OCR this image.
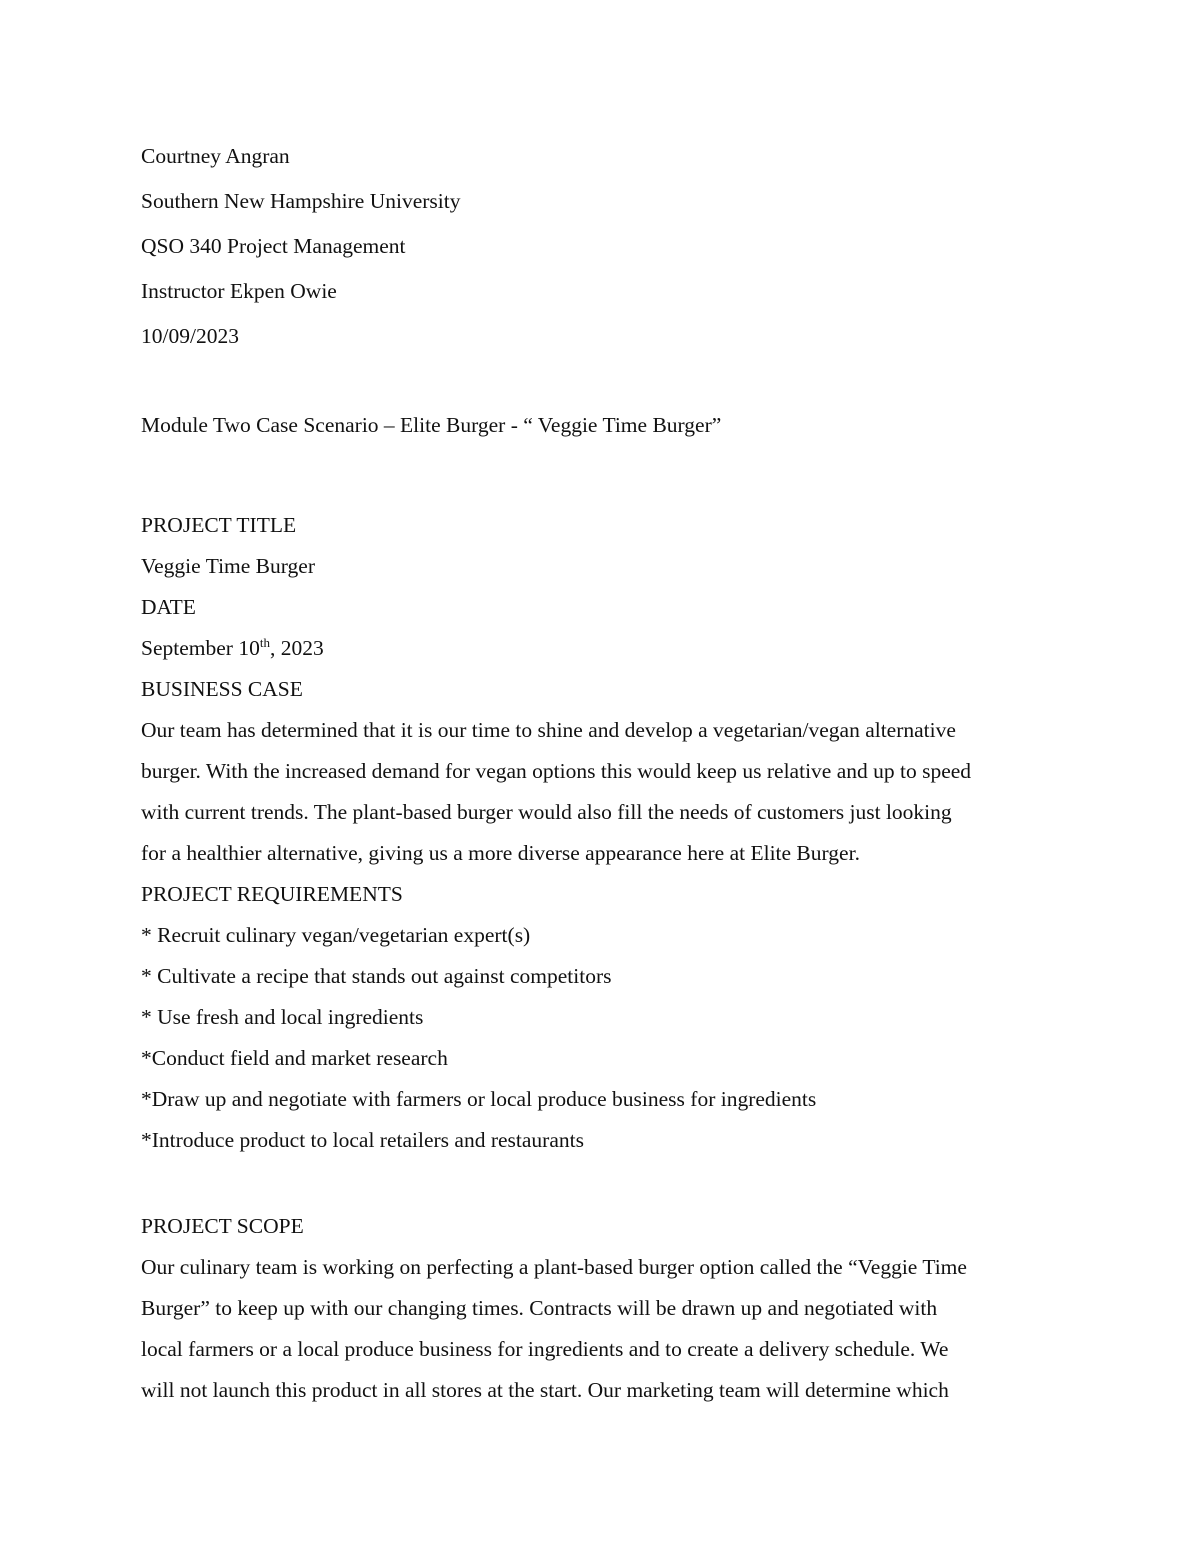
Courtney Angran
Southern New Hampshire University
QSO 340 Project Management
Instructor Ekpen Owie
10/09/2023
Module Two Case Scenario – Elite Burger - “ Veggie Time Burger”
PROJECT TITLE
Veggie Time Burger
DATE
September 10th, 2023
BUSINESS CASE
Our team has determined that it is our time to shine and develop a vegetarian/vegan alternative
burger. With the increased demand for vegan options this would keep us relative and up to speed
with current trends. The plant-based burger would also fill the needs of customers just looking
for a healthier alternative, giving us a more diverse appearance here at Elite Burger.
PROJECT REQUIREMENTS
* Recruit culinary vegan/vegetarian expert(s)
* Cultivate a recipe that stands out against competitors
* Use fresh and local ingredients
*Conduct field and market research
*Draw up and negotiate with farmers or local produce business for ingredients
*Introduce product to local retailers and restaurants
PROJECT SCOPE
Our culinary team is working on perfecting a plant-based burger option called the “Veggie Time
Burger” to keep up with our changing times. Contracts will be drawn up and negotiated with
local farmers or a local produce business for ingredients and to create a delivery schedule. We
will not launch this product in all stores at the start. Our marketing team will determine which
